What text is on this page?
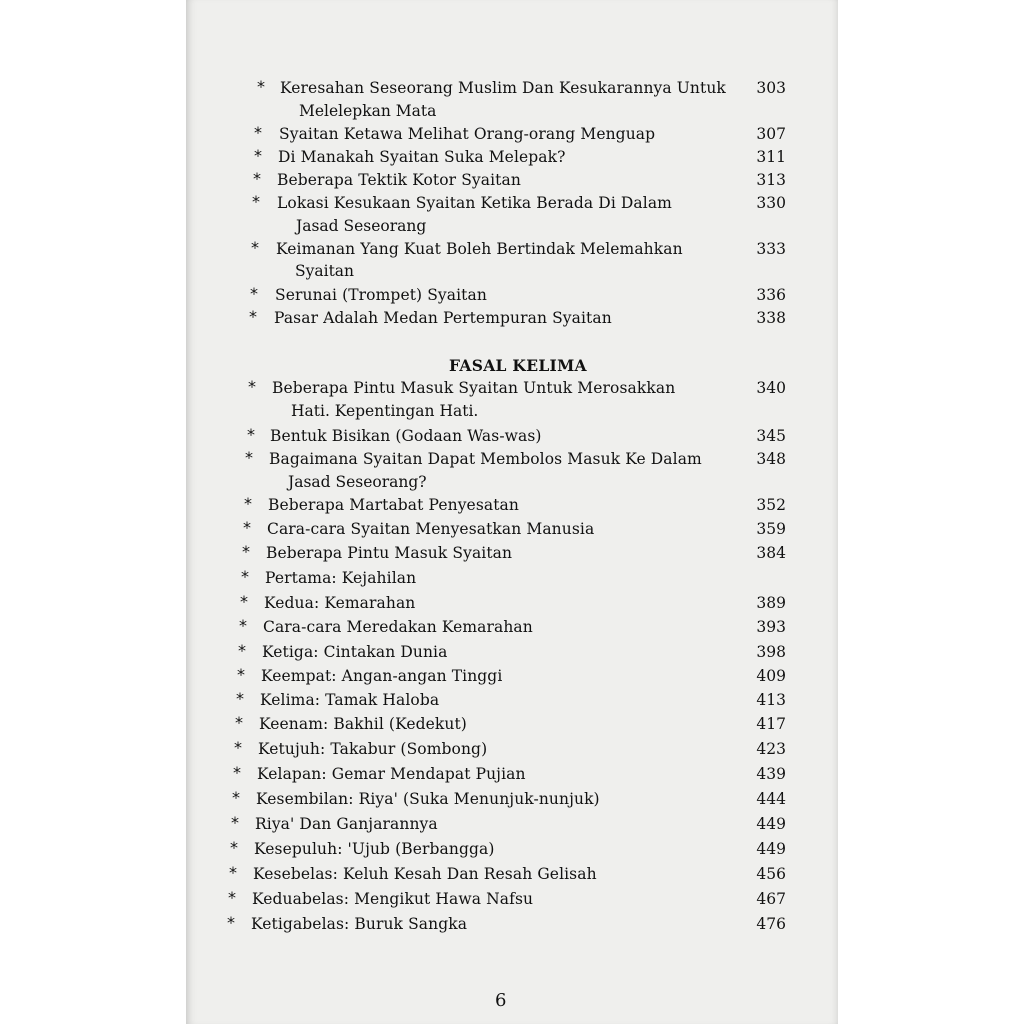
* Keresahan Seseorang Muslim Dan Kesukarannya Untuk	303
Melelepkan Mata
* Syaitan Ketawa Melihat Orang-orang Menguap	307
* Di Manakah Syaitan Suka Melepak?	311
* Beberapa Tektik Kotor Syaitan	313
* Lokasi Kesukaan Syaitan Ketika Berada Di Dalam	330
Jasad Seseorang
* Keimanan Yang Kuat Boleh Bertindak Melemahkan	333
Syaitan
* Serunai (Trompet) Syaitan	336
* Pasar Adalah Medan Pertempuran Syaitan	338
* Beberapa Pintu Masuk Syaitan Untuk Merosakkan	340
Hati. Kepentingan Hati.
* Bentuk Bisikan (Godaan Was-was)	345
* Bagaimana Syaitan Dapat Membolos Masuk Ke Dalam	348
Jasad Seseorang?
* Beberapa Martabat Penyesatan	352
* Cara-cara Syaitan Menyesatkan Manusia	359
* Beberapa Pintu Masuk Syaitan	384
* Pertama: Kejahilan
* Kedua: Kemarahan	389
* Cara-cara Meredakan Kemarahan	393
* Ketiga: Cintakan Dunia	398
* Keempat: Angan-angan Tinggi	409
* Kelima: Tamak Haloba	413
* Keenam: Bakhil (Kedekut)	417
* Ketujuh: Takabur (Sombong)	423
* Kelapan: Gemar Mendapat Pujian	439
* Kesembilan: Riya' (Suka Menunjuk-nunjuk)	444
* Riya' Dan Ganjarannya	449
* Kesepuluh: 'Ujub (Berbangga)	449
* Kesebelas: Keluh Kesah Dan Resah Gelisah	456
* Keduabelas: Mengikut Hawa Nafsu	467
* Ketigabelas: Buruk Sangka	476
FASAL KELIMA
6
